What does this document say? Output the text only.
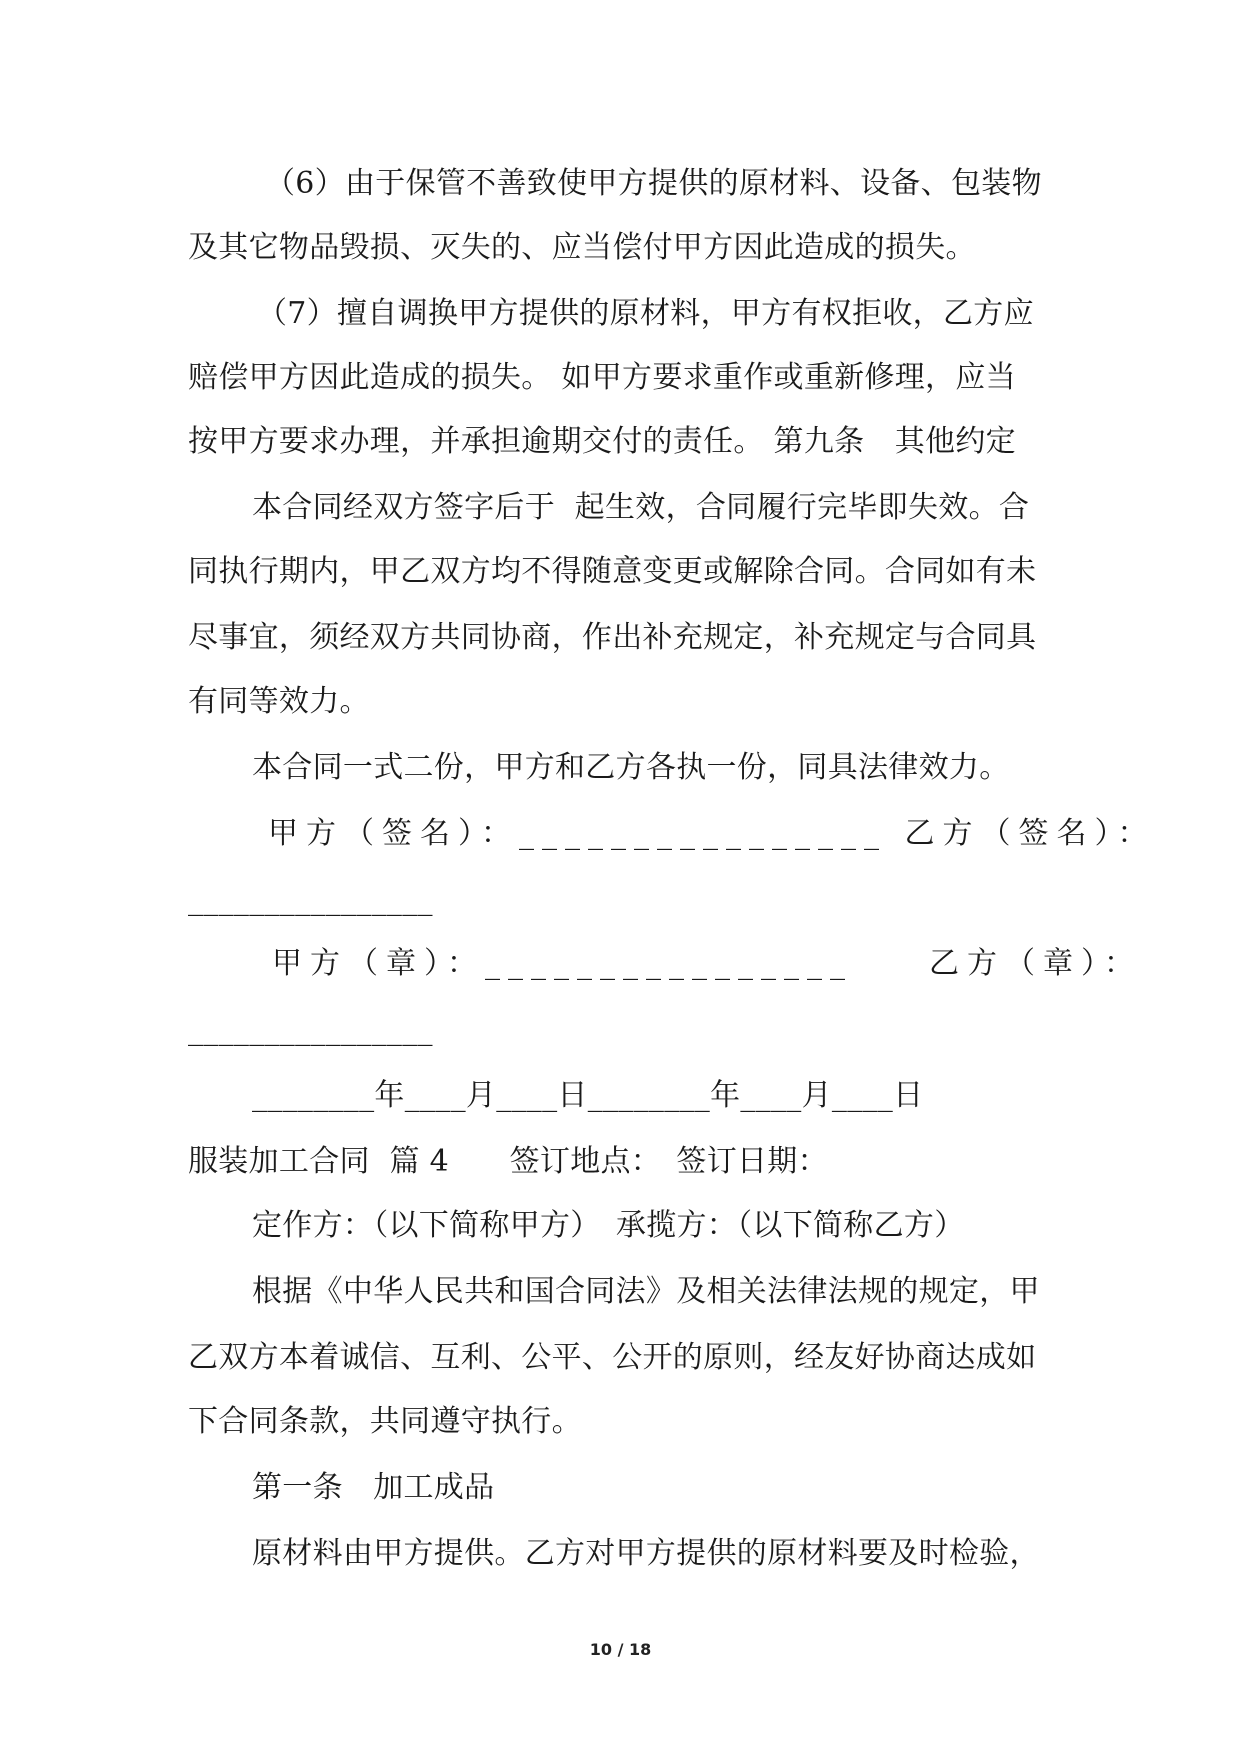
（6）由于保管不善致使甲方提供的原材料、设备、包装物
及其它物品毁损、灭失的、应当偿付甲方因此造成的损失。
（7）擅自调换甲方提供的原材料，甲方有权拒收，乙方应
赔偿甲方因此造成的损失。 如甲方要求重作或重新修理，应当
按甲方要求办理，并承担逾期交付的责任。 第九条　其他约定
本合同经双方签字后于  起生效，合同履行完毕即失效。合
同执行期内，甲乙双方均不得随意变更或解除合同。合同如有未
尽事宜，须经双方共同协商，作出补充规定，补充规定与合同具
有同等效力。
本合同一式二份，甲方和乙方各执一份，同具法律效力。
甲方（签名）：________________ 乙方（签名）：
________________
甲方（章）：________________　　乙方（章）：
________________
________年____月____日________年____月____日
服装加工合同  篇 4　　签订地点：　签订日期：
定作方：（以下简称甲方）　承揽方：（以下简称乙方）
根据《中华人民共和国合同法》及相关法律法规的规定，甲
乙双方本着诚信、互利、公平、公开的原则，经友好协商达成如
下合同条款，共同遵守执行。
第一条　加工成品
原材料由甲方提供。乙方对甲方提供的原材料要及时检验，
10 / 18
